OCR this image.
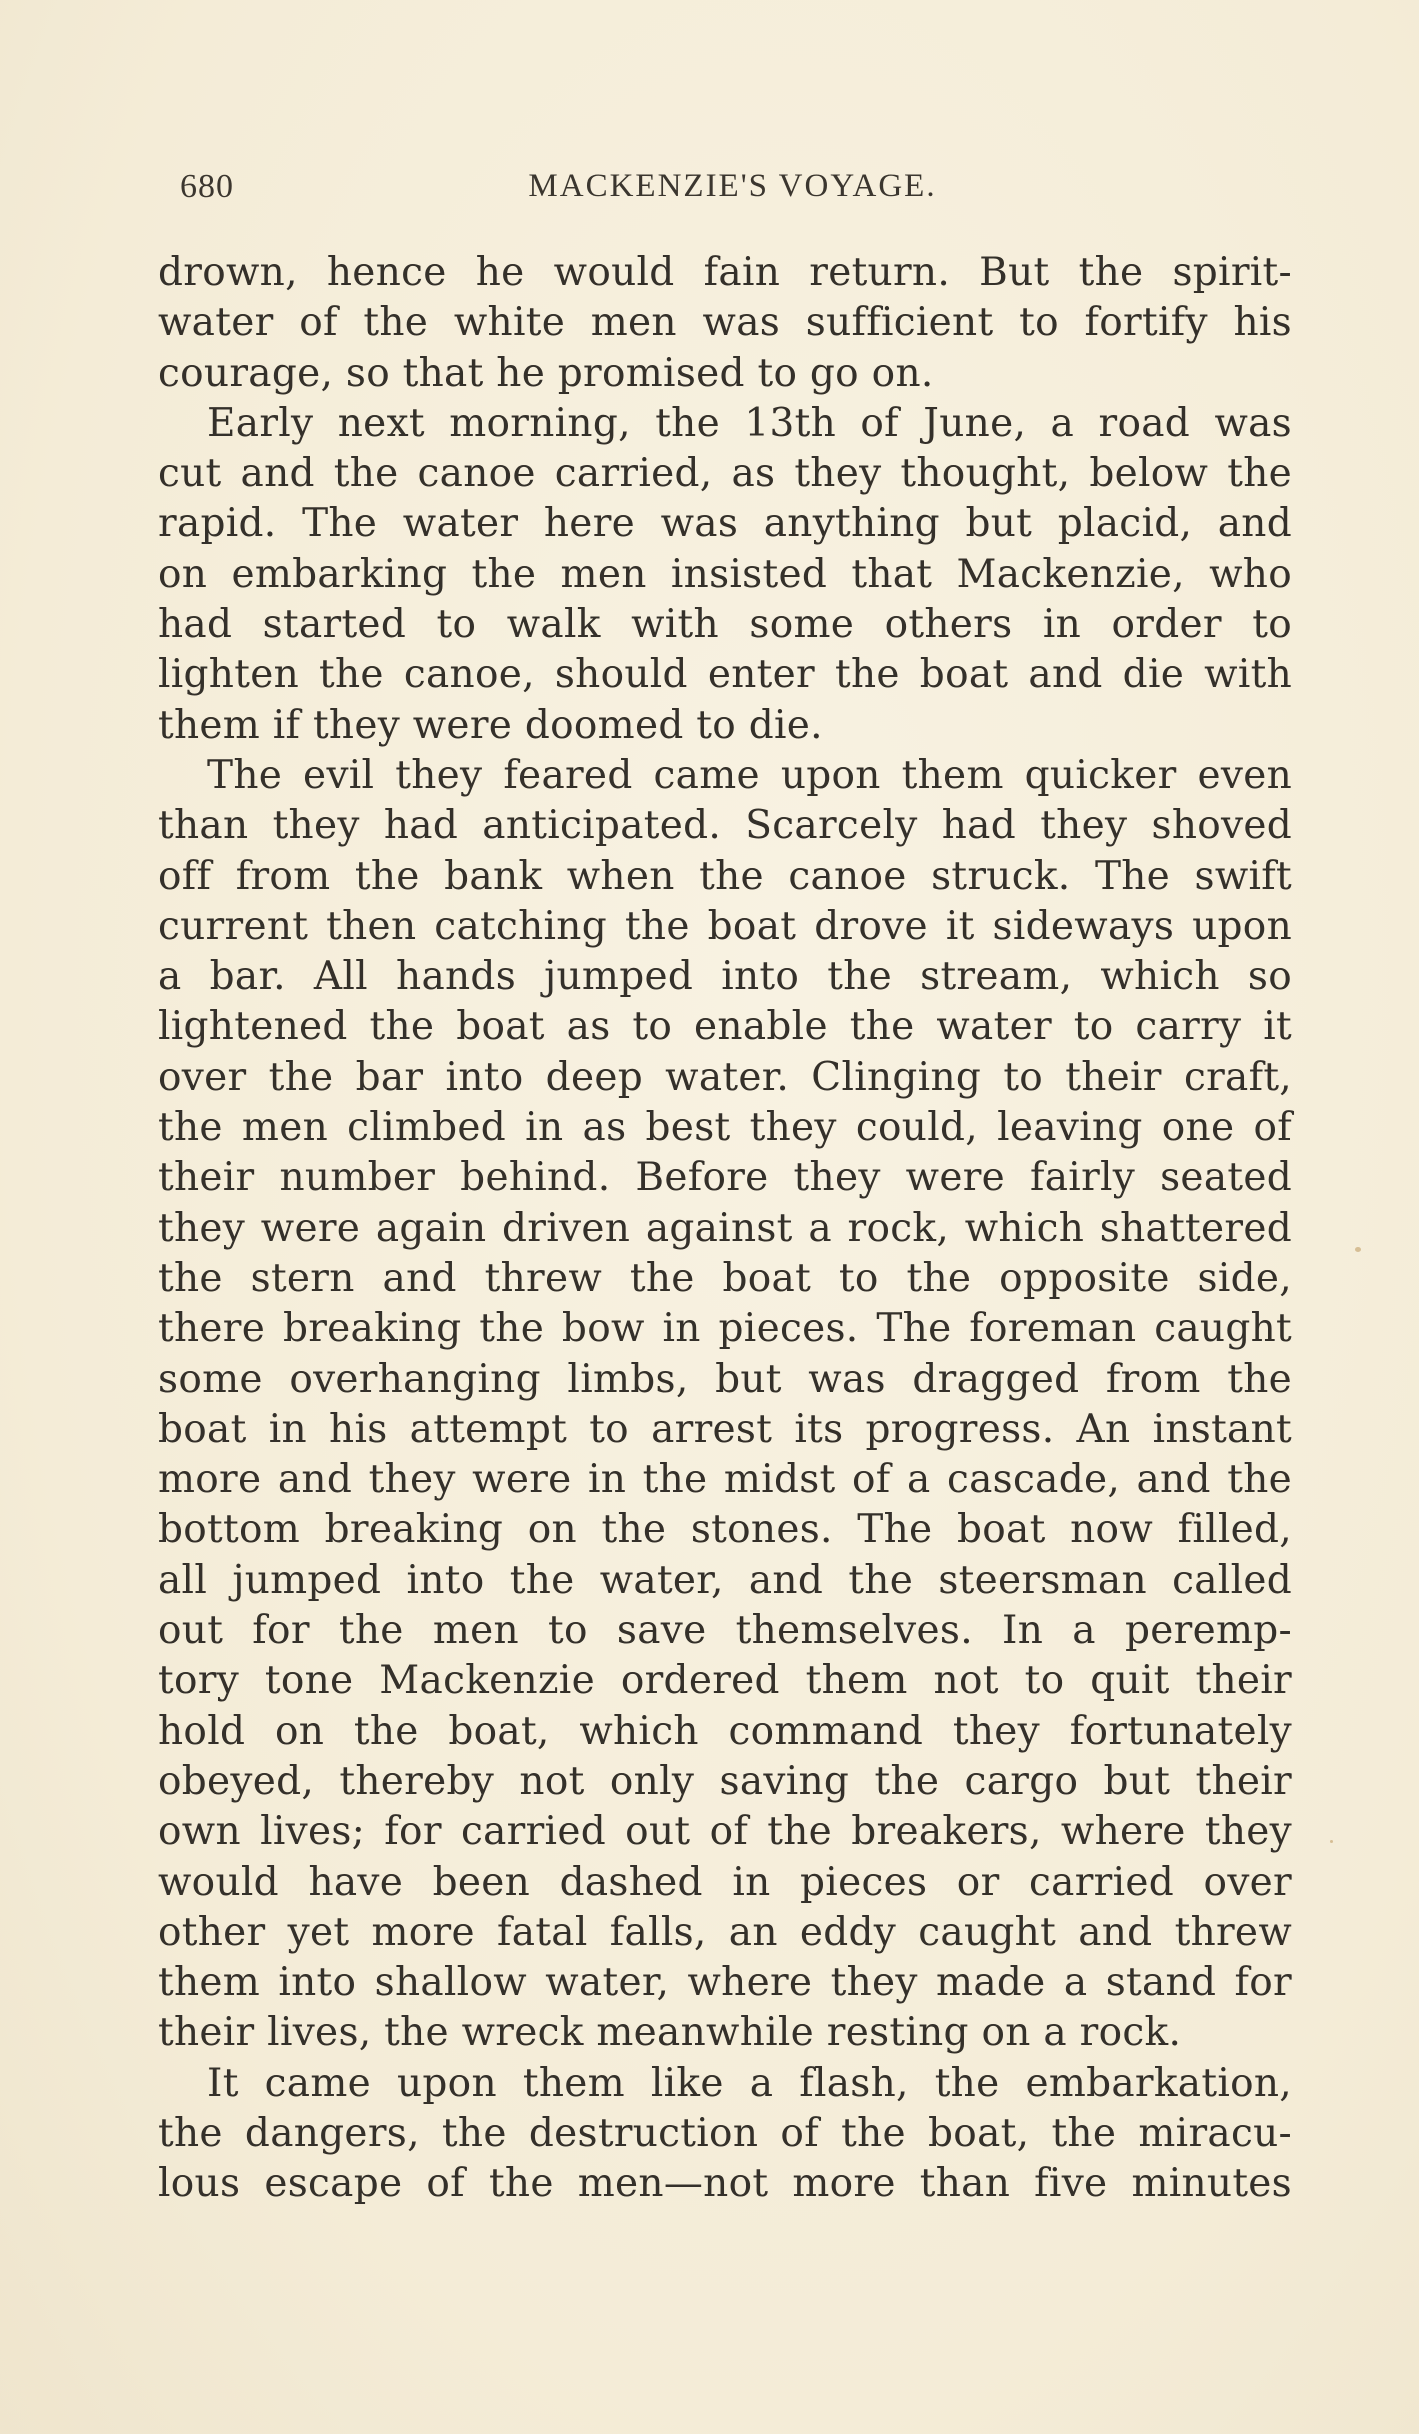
680	MACKENZIE'S VOYAGE.
drown, hence he would fain return. But the spirit-
water of the white men was sufficient to fortify his
courage, so that he promised to go on.
Early next morning, the 13th of June, a road was
cut and the canoe carried, as they thought, below the
rapid. The water here was anything but placid, and
on embarking the men insisted that Mackenzie, who
had started to walk with some others in order to
lighten the canoe, should enter the boat and die with
them if they were doomed to die.
The evil they feared came upon them quicker even
than they had anticipated. Scarcely had they shoved
off from the bank when the canoe struck. The swift
current then catching the boat drove it sideways upon
a bar. All hands jumped into the stream, which so
lightened the boat as to enable the water to carry it
over the bar into deep water. Clinging to their craft,
the men climbed in as best they could, leaving one of
their number behind. Before they were fairly seated
they were again driven against a rock, which shattered
the stern and threw the boat to the opposite side,
there breaking the bow in pieces. The foreman caught
some overhanging limbs, but was dragged from the
boat in his attempt to arrest its progress. An instant
more and they were in the midst of a cascade, and the
bottom breaking on the stones. The boat now filled,
all jumped into the water, and the steersman called
out for the men to save themselves. In a peremp-
tory tone Mackenzie ordered them not to quit their
hold on the boat, which command they fortunately
obeyed, thereby not only saving the cargo but their
own lives; for carried out of the breakers, where they
would have been dashed in pieces or carried over
other yet more fatal falls, an eddy caught and threw
them into shallow water, where they made a stand for
their lives, the wreck meanwhile resting on a rock.
It came upon them like a flash, the embarkation,
the dangers, the destruction of the boat, the miracu-
lous escape of the men—not more than five minutes
